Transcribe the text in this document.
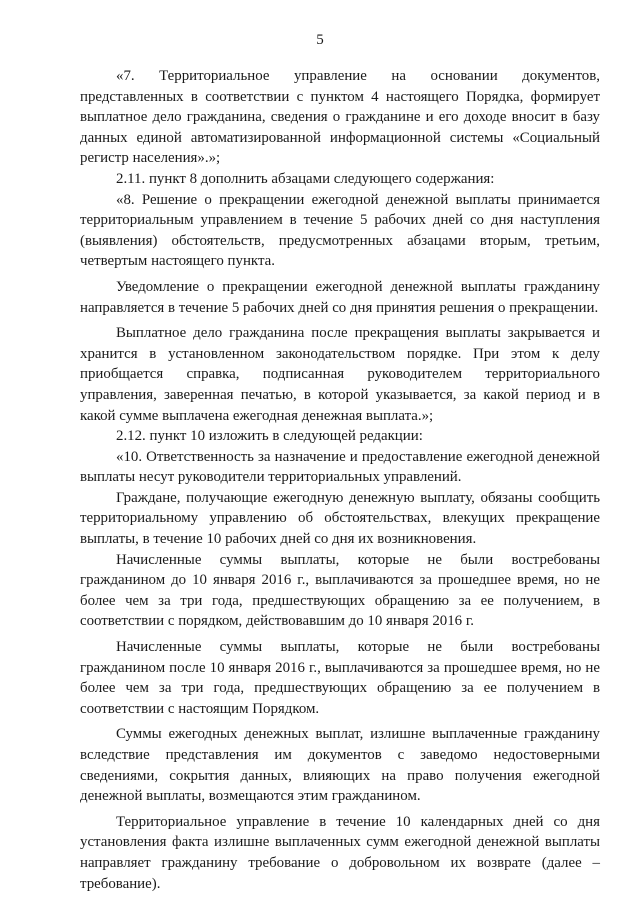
5

«7. Территориальное управление на основании документов, представленных в соответствии с пунктом 4 настоящего Порядка, формирует выплатное дело гражданина, сведения о гражданине и его доходе вносит в базу данных единой автоматизированной информационной системы «Социальный регистр населения».»;

2.11. пункт 8 дополнить абзацами следующего содержания:

«8. Решение о прекращении ежегодной денежной выплаты принимается территориальным управлением в течение 5 рабочих дней со дня наступления (выявления) обстоятельств, предусмотренных абзацами вторым, третьим, четвертым настоящего пункта.

Уведомление о прекращении ежегодной денежной выплаты гражданину направляется в течение 5 рабочих дней со дня принятия решения о прекращении.

Выплатное дело гражданина после прекращения выплаты закрывается и хранится в установленном законодательством порядке. При этом к делу приобщается справка, подписанная руководителем территориального управления, заверенная печатью, в которой указывается, за какой период и в какой сумме выплачена ежегодная денежная выплата.»;

2.12. пункт 10 изложить в следующей редакции:

«10. Ответственность за назначение и предоставление ежегодной денежной выплаты несут руководители территориальных управлений.

Граждане, получающие ежегодную денежную выплату, обязаны сообщить территориальному управлению об обстоятельствах, влекущих прекращение выплаты, в течение 10 рабочих дней со дня их возникновения.

Начисленные суммы выплаты, которые не были востребованы гражданином до 10 января 2016 г., выплачиваются за прошедшее время, но не более чем за три года, предшествующих обращению за ее получением, в соответствии с порядком, действовавшим до 10 января 2016 г.

Начисленные суммы выплаты, которые не были востребованы гражданином после 10 января 2016 г., выплачиваются за прошедшее время, но не более чем за три года, предшествующих обращению за ее получением в соответствии с настоящим Порядком.

Суммы ежегодных денежных выплат, излишне выплаченные гражданину вследствие представления им документов с заведомо недостоверными сведениями, сокрытия данных, влияющих на право получения ежегодной денежной выплаты, возмещаются этим гражданином.

Территориальное управление в течение 10 календарных дней со дня установления факта излишне выплаченных сумм ежегодной денежной выплаты направляет гражданину требование о добровольном их возврате (далее – требование).
